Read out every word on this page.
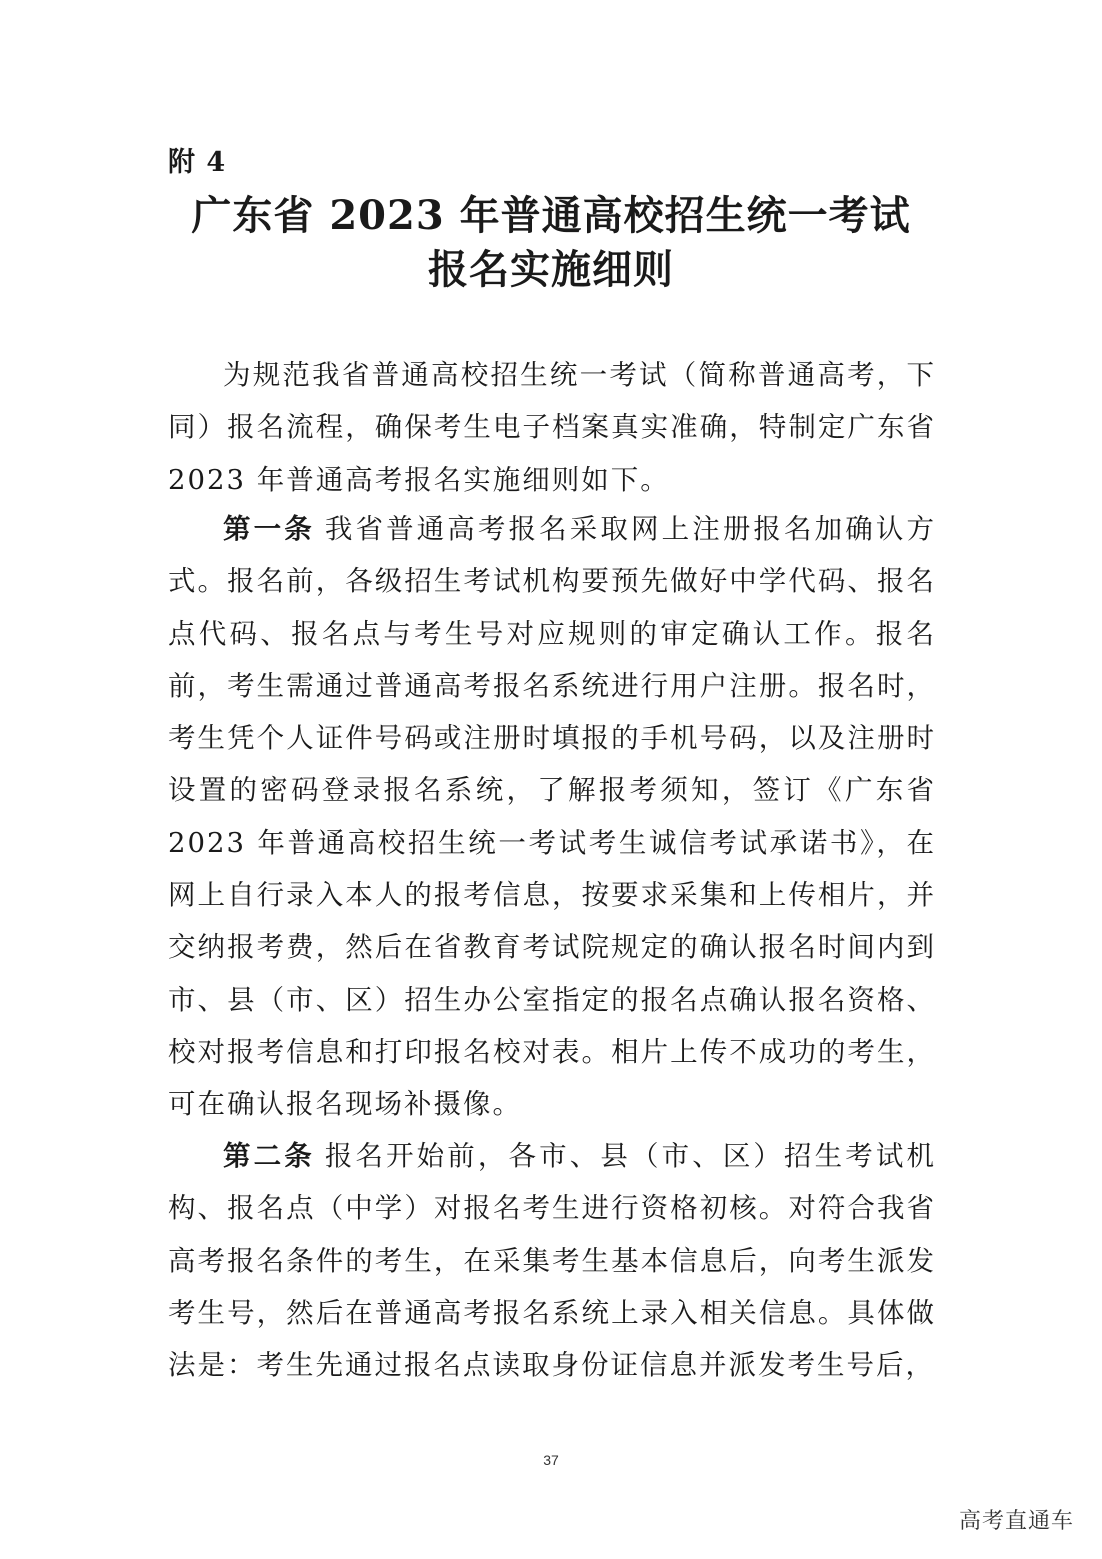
附 4
广东省 2023 年普通高校招生统一考试
报名实施细则

为规范我省普通高校招生统一考试（简称普通高考，下同）报名流程，确保考生电子档案真实准确，特制定广东省 2023 年普通高考报名实施细则如下。

第一条 我省普通高考报名采取网上注册报名加确认方式。报名前，各级招生考试机构要预先做好中学代码、报名点代码、报名点与考生号对应规则的审定确认工作。报名前，考生需通过普通高考报名系统进行用户注册。报名时，考生凭个人证件号码或注册时填报的手机号码，以及注册时设置的密码登录报名系统，了解报考须知，签订《广东省 2023 年普通高校招生统一考试考生诚信考试承诺书》，在网上自行录入本人的报考信息，按要求采集和上传相片，并交纳报考费，然后在省教育考试院规定的确认报名时间内到市、县（市、区）招生办公室指定的报名点确认报名资格、校对报考信息和打印报名校对表。相片上传不成功的考生，可在确认报名现场补摄像。

第二条 报名开始前，各市、县（市、区）招生考试机构、报名点（中学）对报名考生进行资格初核。对符合我省高考报名条件的考生，在采集考生基本信息后，向考生派发考生号，然后在普通高考报名系统上录入相关信息。具体做法是：考生先通过报名点读取身份证信息并派发考生号后，

37
高考直通车
